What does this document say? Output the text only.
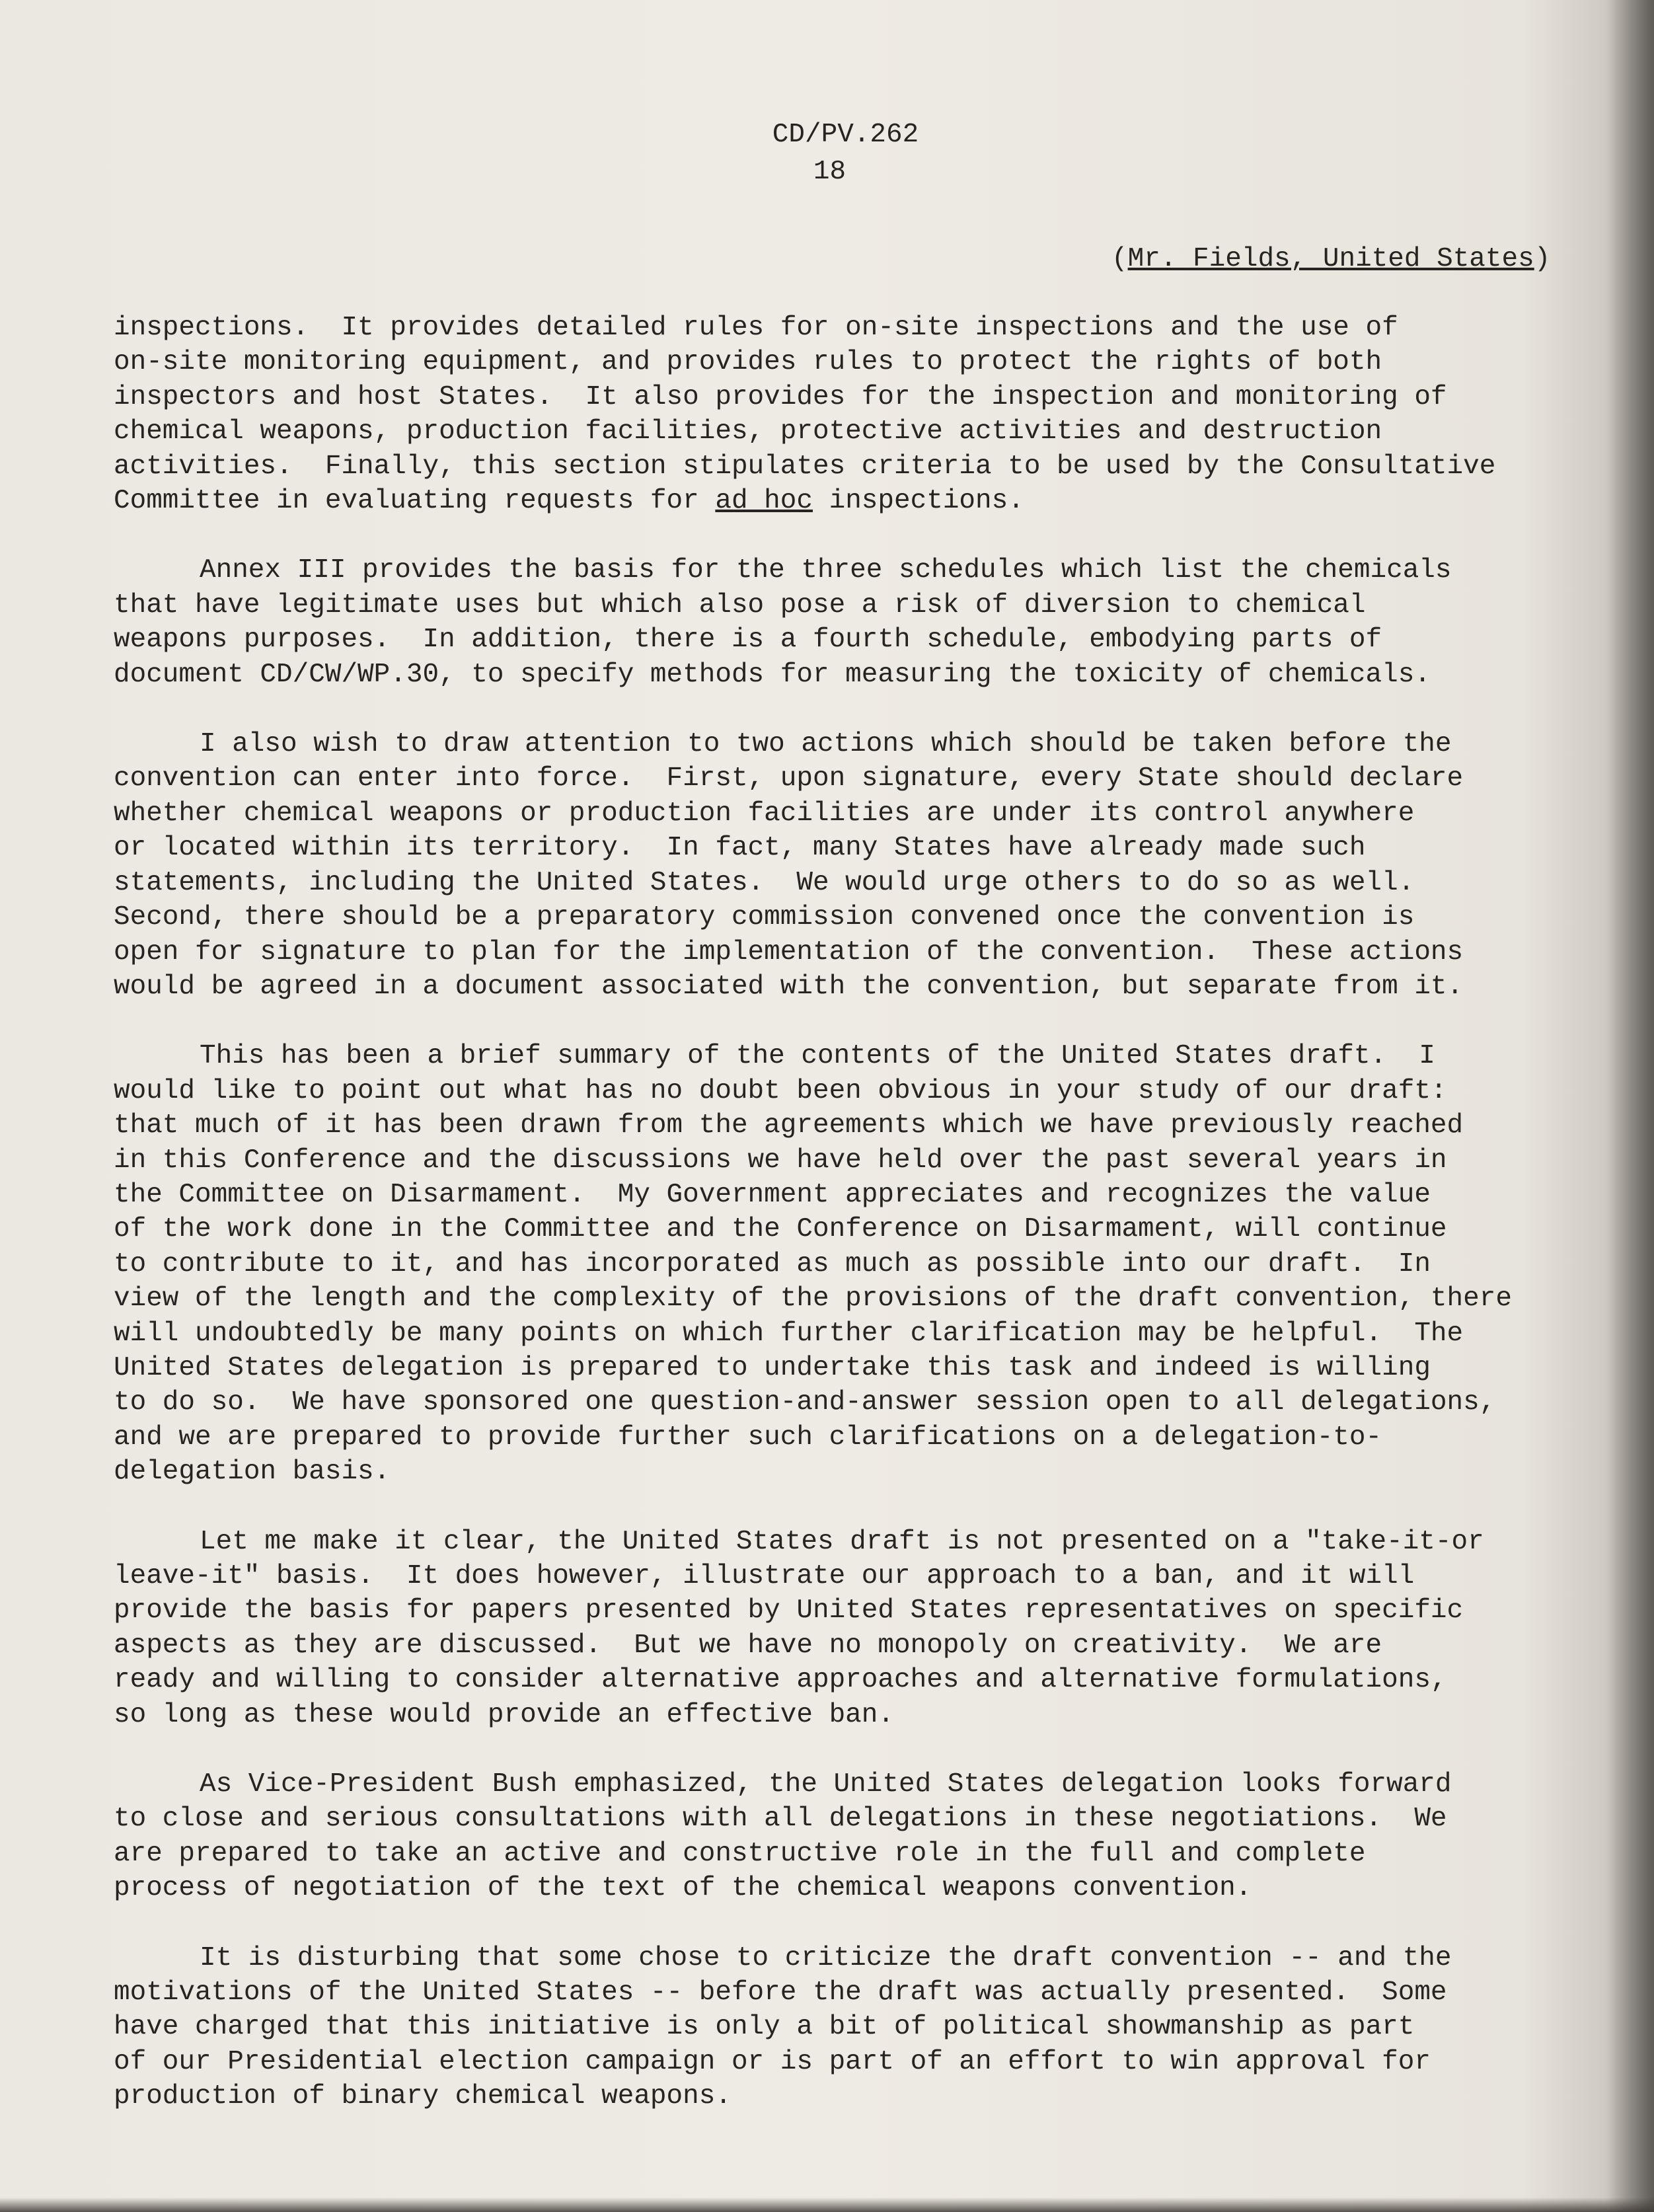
CD/PV.262
18
(Mr. Fields, United States)
inspections.  It provides detailed rules for on-site inspections and the use of
on-site monitoring equipment, and provides rules to protect the rights of both
inspectors and host States.  It also provides for the inspection and monitoring of
chemical weapons, production facilities, protective activities and destruction
activities.  Finally, this section stipulates criteria to be used by the Consultative
Committee in evaluating requests for ad hoc inspections.
Annex III provides the basis for the three schedules which list the chemicals
that have legitimate uses but which also pose a risk of diversion to chemical
weapons purposes.  In addition, there is a fourth schedule, embodying parts of
document CD/CW/WP.30, to specify methods for measuring the toxicity of chemicals.
I also wish to draw attention to two actions which should be taken before the
convention can enter into force.  First, upon signature, every State should declare
whether chemical weapons or production facilities are under its control anywhere
or located within its territory.  In fact, many States have already made such
statements, including the United States.  We would urge others to do so as well.
Second, there should be a preparatory commission convened once the convention is
open for signature to plan for the implementation of the convention.  These actions
would be agreed in a document associated with the convention, but separate from it.
This has been a brief summary of the contents of the United States draft.  I
would like to point out what has no doubt been obvious in your study of our draft:
that much of it has been drawn from the agreements which we have previously reached
in this Conference and the discussions we have held over the past several years in
the Committee on Disarmament.  My Government appreciates and recognizes the value
of the work done in the Committee and the Conference on Disarmament, will continue
to contribute to it, and has incorporated as much as possible into our draft.  In
view of the length and the complexity of the provisions of the draft convention, there
will undoubtedly be many points on which further clarification may be helpful.  The
United States delegation is prepared to undertake this task and indeed is willing
to do so.  We have sponsored one question-and-answer session open to all delegations,
and we are prepared to provide further such clarifications on a delegation-to-
delegation basis.
Let me make it clear, the United States draft is not presented on a "take-it-or
leave-it" basis.  It does however, illustrate our approach to a ban, and it will
provide the basis for papers presented by United States representatives on specific
aspects as they are discussed.  But we have no monopoly on creativity.  We are
ready and willing to consider alternative approaches and alternative formulations,
so long as these would provide an effective ban.
As Vice-President Bush emphasized, the United States delegation looks forward
to close and serious consultations with all delegations in these negotiations.  We
are prepared to take an active and constructive role in the full and complete
process of negotiation of the text of the chemical weapons convention.
It is disturbing that some chose to criticize the draft convention -- and the
motivations of the United States -- before the draft was actually presented.  Some
have charged that this initiative is only a bit of political showmanship as part
of our Presidential election campaign or is part of an effort to win approval for
production of binary chemical weapons.
